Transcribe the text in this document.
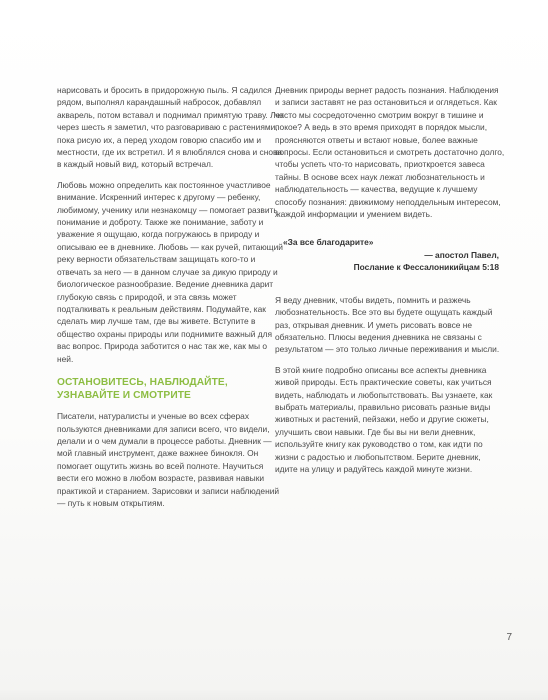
нарисовать и бросить в придорожную пыль. Я садился рядом, выполнял карандашный набросок, добавлял акварель, потом вставал и поднимал примятую траву. Лет через шесть я заметил, что разговариваю с растениями, пока рисую их, а перед уходом говорю спасибо им и местности, где их встретил. И я влюблялся снова и снова в каждый новый вид, который встречал.

Любовь можно определить как постоянное участливое внимание. Искренний интерес к другому — ребенку, любимому, ученику или незнакомцу — помогает развить понимание и доброту. Также же понимание, заботу и уважение я ощущаю, когда погружаюсь в природу и описываю ее в дневнике. Любовь — как ручей, питающий реку верности обязательствам защищать кого-то и отвечать за него — в данном случае за дикую природу и биологическое разнообразие. Ведение дневника дарит глубокую связь с природой, и эта связь может подталкивать к реальным действиям. Подумайте, как сделать мир лучше там, где вы живете. Вступите в общество охраны природы или поднимите важный для вас вопрос. Природа заботится о нас так же, как мы о ней.

ОСТАНОВИТЕСЬ, НАБЛЮДАЙТЕ, УЗНАВАЙТЕ И СМОТРИТЕ

Писатели, натуралисты и ученые во всех сферах пользуются дневниками для записи всего, что видели, делали и о чем думали в процессе работы. Дневник — мой главный инструмент, даже важнее бинокля. Он помогает ощутить жизнь во всей полноте. Научиться вести его можно в любом возрасте, развивая навыки практикой и старанием. Зарисовки и записи наблюдений — путь к новым открытиям.

Дневник природы вернет радость познания. Наблюдения и записи заставят не раз остановиться и оглядеться. Как часто мы сосредоточенно смотрим вокруг в тишине и покое? А ведь в это время приходят в порядок мысли, проясняются ответы и встают новые, более важные вопросы. Если остановиться и смотреть достаточно долго, чтобы успеть что-то нарисовать, приоткроется завеса тайны. В основе всех наук лежат любознательность и наблюдательность — качества, ведущие к лучшему способу познания: движимому неподдельным интересом, жаждой информации и умением видеть.

«За все благодарите»
— апостол Павел,
Послание к Фессалоникийцам 5:18

Я веду дневник, чтобы видеть, помнить и разжечь любознательность. Все это вы будете ощущать каждый раз, открывая дневник. И уметь рисовать вовсе не обязательно. Плюсы ведения дневника не связаны с результатом — это только личные переживания и мысли.

В этой книге подробно описаны все аспекты дневника живой природы. Есть практические советы, как учиться видеть, наблюдать и любопытствовать. Вы узнаете, как выбрать материалы, правильно рисовать разные виды животных и растений, пейзажи, небо и другие сюжеты, улучшить свои навыки. Где бы вы ни вели дневник, используйте книгу как руководство о том, как идти по жизни с радостью и любопытством. Берите дневник, идите на улицу и радуйтесь каждой минуте жизни.

7
